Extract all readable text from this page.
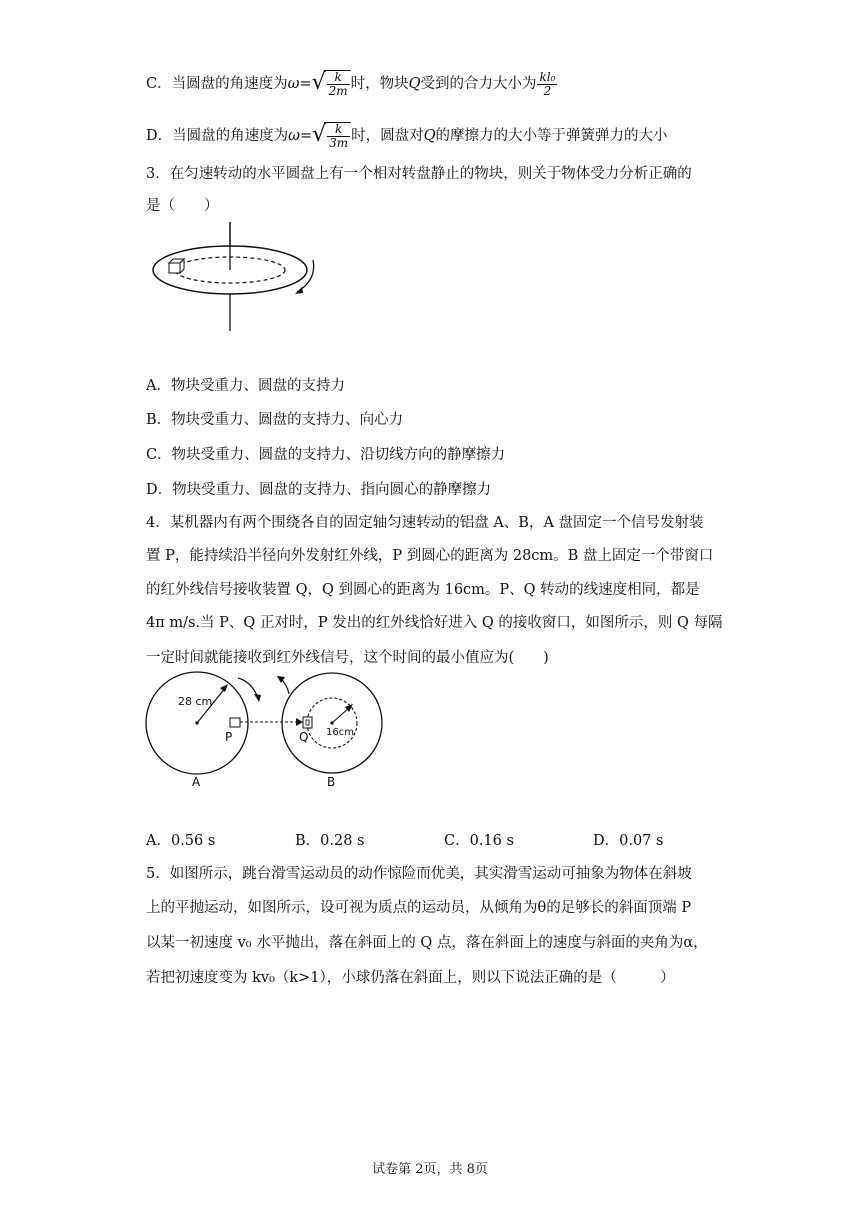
C．当圆盘的角速度为ω= √ $\frac{k}{2m}$ 时，物块Q受到的合力大小为 $\frac{\text{kl₀}}{2}$
D．当圆盘的角速度为ω= √ $\frac{k}{3m}$ 时，圆盘对Q的摩擦力的大小等于弹簧弹力的大小
3．在匀速转动的水平圆盘上有一个相对转盘静止的物块，则关于物体受力分析正确的
是（　　）
A．物块受重力、圆盘的支持力
B．物块受重力、圆盘的支持力、向心力
C．物块受重力、圆盘的支持力、沿切线方向的静摩擦力
D．物块受重力、圆盘的支持力、指向圆心的静摩擦力
4．某机器内有两个围绕各自的固定轴匀速转动的铝盘 A、B，A 盘固定一个信号发射装
置 P，能持续沿半径向外发射红外线，P 到圆心的距离为 28cm。B 盘上固定一个带窗口
的红外线信号接收装置 Q，Q 到圆心的距离为 16cm。P、Q 转动的线速度相同，都是
4π m/s.当 P、Q 正对时，P 发出的红外线恰好进入 Q 的接收窗口，如图所示，则 Q 每隔
一定时间就能接收到红外线信号，这个时间的最小值应为(　　)
28 cm
P	Q 16cm
A	B
A．0.56 s	B．0.28 s	C．0.16 s	D．0.07 s
5．如图所示，跳台滑雪运动员的动作惊险而优美，其实滑雪运动可抽象为物体在斜坡
上的平抛运动，如图所示，设可视为质点的运动员，从倾角为θ的足够长的斜面顶端 P
以某一初速度 v₀ 水平抛出，落在斜面上的 Q 点，落在斜面上的速度与斜面的夹角为α，
若把初速度变为 kv₀（k>1），小球仍落在斜面上，则以下说法正确的是（　　　）
试卷第 2页，共 8页
